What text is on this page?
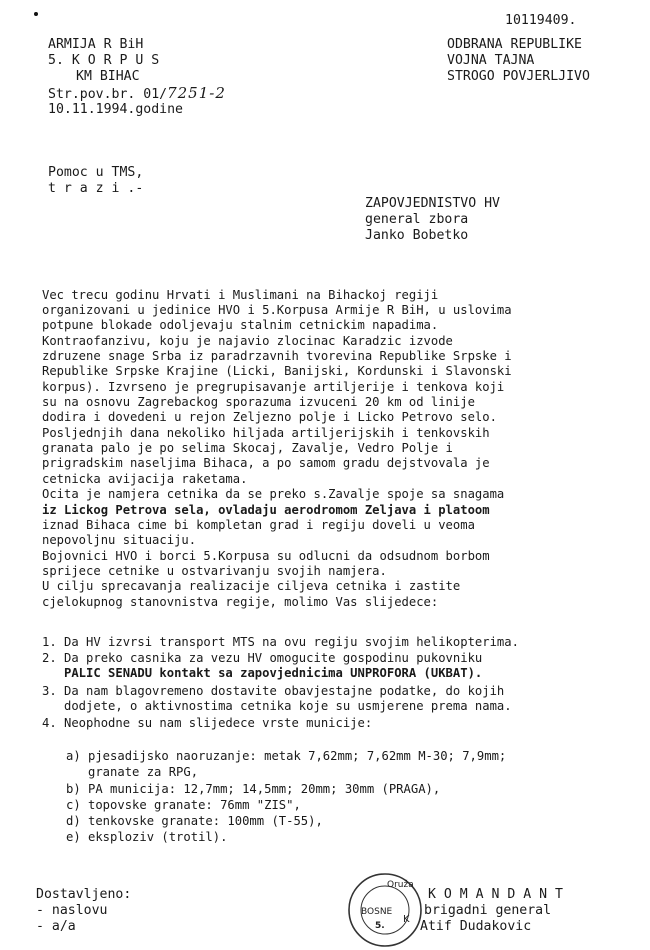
10119409.
ODBRANA REPUBLIKE
VOJNA TAJNA
STROGO POVJERLJIVO
ARMIJA R BiH
5. K O R P U S
KM BIHAC
Str.pov.br. 01/7251-2
10.11.1994.godine
Pomoc u TMS,
t r a z i .-
ZAPOVJEDNISTVO HV
general zbora
Janko Bobetko
Vec trecu godinu Hrvati i Muslimani na Bihackoj regiji
organizovani u jedinice HVO i 5.Korpusa Armije R BiH, u uslovima
potpune blokade odoljevaju stalnim cetnickim napadima.
Kontraofanzivu, koju je najavio zlocinac Karadzic izvode
zdruzene snage Srba iz paradrzavnih tvorevina Republike Srpske i
Republike Srpske Krajine (Licki, Banijski, Kordunski i Slavonski
korpus). Izvrseno je pregrupisavanje artiljerije i tenkova koji
su na osnovu Zagrebackog sporazuma izvuceni 20 km od linije
dodira i dovedeni u rejon Zeljezno polje i Licko Petrovo selo.
Posljednjih dana nekoliko hiljada artiljerijskih i tenkovskih
granata palo je po selima Skocaj, Zavalje, Vedro Polje i
prigradskim naseljima Bihaca, a po samom gradu dejstvovala je
cetnicka avijacija raketama.
Ocita je namjera cetnika da se preko s.Zavalje spoje sa snagama
iz Lickog Petrova sela, ovladaju aerodromom Zeljava i platoom
iznad Bihaca cime bi kompletan grad i regiju doveli u veoma
nepovoljnu situaciju.
Bojovnici HVO i borci 5.Korpusa su odlucni da odsudnom borbom
sprijece cetnike u ostvarivanju svojih namjera.
U cilju sprecavanja realizacije ciljeva cetnika i zastite
cjelokupnog stanovnistva regije, molimo Vas slijedece:
1. Da HV izvrsi transport MTS na ovu regiju svojim helikopterima.
2. Da preko casnika za vezu HV omogucite gospodinu pukovniku
PALIC SENADU kontakt sa zapovjednicima UNPROFORA (UKBAT).
3. Da nam blagovremeno dostavite obavjestajne podatke, do kojih
dodjete, o aktivnostima cetnika koje su usmjerene prema nama.
4. Neophodne su nam slijedece vrste municije:
a) pjesadijsko naoruzanje: metak 7,62mm; 7,62mm M-30; 7,9mm;
granate za RPG,
b) PA municija: 12,7mm; 14,5mm; 20mm; 30mm (PRAGA),
c) topovske granate: 76mm "ZIS",
d) tenkovske granate: 100mm (T-55),
e) eksploziv (trotil).
Dostavljeno:
- naslovu
- a/a
Oruža
BOSNE
5.
K
K O M A N D A N T
brigadni general
Atif Dudakovic
